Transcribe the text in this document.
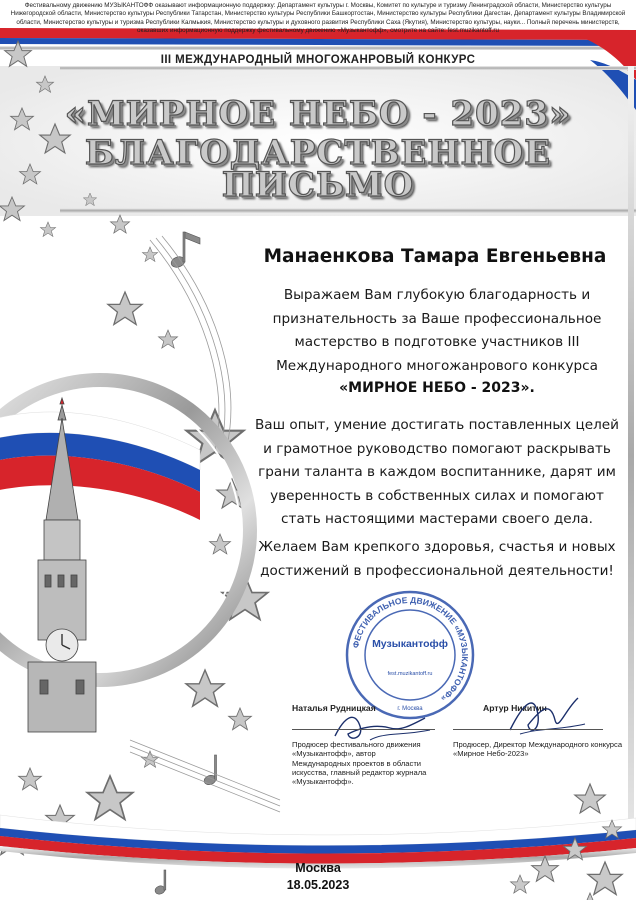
Фестивальному движению МУЗЫКАНТОФФ оказывают информационную поддержку: Департамент культуры г. Москвы, Комитет по культуре и туризму Ленинградской области, Министерство культуры Нижегородской области, Министерство культуры Республики Татарстан, Министерство культуры Республики Башкортостан, Министерство культуры Республики Дагестан, Департамент культуры Владимирской области, Министерство культуры и туризма Республики Калмыкия, Министерство культуры и духовного развития Республики Саха (Якутия), Министерство культуры, науки... Полный перечень министерств, оказавших информационную поддержку фестивальному движению «Музыкантофф», смотрите на сайте: fest.muzikantoff.ru
III МЕЖДУНАРОДНЫЙ МНОГОЖАНРОВЫЙ КОНКУРС
«МИРНОЕ НЕБО - 2023»
БЛАГОДАРСТВЕННОЕ
ПИСЬМО
Манаенкова Тамара Евгеньевна

Выражаем Вам глубокую благодарность и признательность за Ваше профессиональное мастерство в подготовке участников III Международного многожанрового конкурса

«МИРНОЕ НЕБО - 2023».

Ваш опыт, умение достигать поставленных целей и грамотное руководство помогают раскрывать грани таланта в каждом воспитаннике, дарят им уверенность в собственных силах и помогают стать настоящими мастерами своего дела.

Желаем Вам крепкого здоровья, счастья и новых достижений в профессиональной деятельности!

ФЕСТИВАЛЬНОЕ ДВИЖЕНИЕ «МУЗЫКАНТОФФ»
г. Москва
Музыкантофф
fest.muzikantoff.ru
Наталья Рудницкая	Артур Никитин

Продюсер фестивального движения «Музыкантофф», автор Международных проектов в области искусства, главный редактор журнала «Музыкантофф».

Продюсер, Директор Международного конкурса «Мирное Небо-2023»

Москва
18.05.2023
